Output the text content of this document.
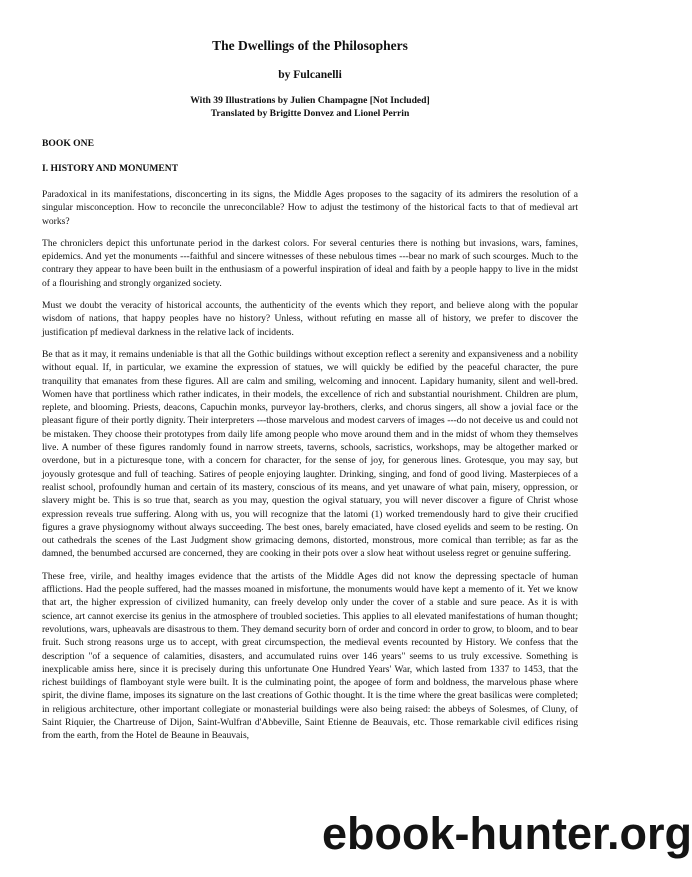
The Dwellings of the Philosophers
by Fulcanelli
With 39 Illustrations by Julien Champagne [Not Included]
Translated by Brigitte Donvez and Lionel Perrin
BOOK ONE
I. HISTORY AND MONUMENT

Paradoxical in its manifestations, disconcerting in its signs, the Middle Ages proposes to the sagacity of its admirers the resolution of a singular misconception. How to reconcile the unreconcilable? How to adjust the testimony of the historical facts to that of medieval art works?

The chroniclers depict this unfortunate period in the darkest colors. For several centuries there is nothing but invasions, wars, famines, epidemics. And yet the monuments ---faithful and sincere witnesses of these nebulous times ---bear no mark of such scourges. Much to the contrary they appear to have been built in the enthusiasm of a powerful inspiration of ideal and faith by a people happy to live in the midst of a flourishing and strongly organized society.

Must we doubt the veracity of historical accounts, the authenticity of the events which they report, and believe along with the popular wisdom of nations, that happy peoples have no history? Unless, without refuting en masse all of history, we prefer to discover the justification pf medieval darkness in the relative lack of incidents.

Be that as it may, it remains undeniable is that all the Gothic buildings without exception reflect a serenity and expansiveness and a nobility without equal. If, in particular, we examine the expression of statues, we will quickly be edified by the peaceful character, the pure tranquility that emanates from these figures. All are calm and smiling, welcoming and innocent. Lapidary humanity, silent and well-bred. Women have that portliness which rather indicates, in their models, the excellence of rich and substantial nourishment. Children are plum, replete, and blooming. Priests, deacons, Capuchin monks, purveyor lay-brothers, clerks, and chorus singers, all show a jovial face or the pleasant figure of their portly dignity. Their interpreters ---those marvelous and modest carvers of images ---do not deceive us and could not be mistaken. They choose their prototypes from daily life among people who move around them and in the midst of whom they themselves live. A number of these figures randomly found in narrow streets, taverns, schools, sacristics, workshops, may be altogether marked or overdone, but in a picturesque tone, with a concern for character, for the sense of joy, for generous lines. Grotesque, you may say, but joyously grotesque and full of teaching. Satires of people enjoying laughter. Drinking, singing, and fond of good living. Masterpieces of a realist school, profoundly human and certain of its mastery, conscious of its means, and yet unaware of what pain, misery, oppression, or slavery might be. This is so true that, search as you may, question the ogival statuary, you will never discover a figure of Christ whose expression reveals true suffering. Along with us, you will recognize that the latomi (1) worked tremendously hard to give their crucified figures a grave physiognomy without always succeeding. The best ones, barely emaciated, have closed eyelids and seem to be resting. On out cathedrals the scenes of the Last Judgment show grimacing demons, distorted, monstrous, more comical than terrible; as far as the damned, the benumbed accursed are concerned, they are cooking in their pots over a slow heat without useless regret or genuine suffering.

These free, virile, and healthy images evidence that the artists of the Middle Ages did not know the depressing spectacle of human afflictions. Had the people suffered, had the masses moaned in misfortune, the monuments would have kept a memento of it. Yet we know that art, the higher expression of civilized humanity, can freely develop only under the cover of a stable and sure peace. As it is with science, art cannot exercise its genius in the atmosphere of troubled societies. This applies to all elevated manifestations of human thought; revolutions, wars, upheavals are disastrous to them. They demand security born of order and concord in order to grow, to bloom, and to bear fruit. Such strong reasons urge us to accept, with great circumspection, the medieval events recounted by History. We confess that the description "of a sequence of calamities, disasters, and accumulated ruins over 146 years" seems to us truly excessive. Something is inexplicable amiss here, since it is precisely during this unfortunate One Hundred Years' War, which lasted from 1337 to 1453, that the richest buildings of flamboyant style were built. It is the culminating point, the apogee of form and boldness, the marvelous phase where spirit, the divine flame, imposes its signature on the last creations of Gothic thought. It is the time where the great basilicas were completed; in religious architecture, other important collegiate or monasterial buildings were also being raised: the abbeys of Solesmes, of Cluny, of Saint Riquier, the Chartreuse of Dijon, Saint-Wulfran d'Abbeville, Saint Etienne de Beauvais, etc. Those remarkable civil edifices rising from the earth, from the Hotel de Beaune in Beauvais,

ebook-hunter.org
